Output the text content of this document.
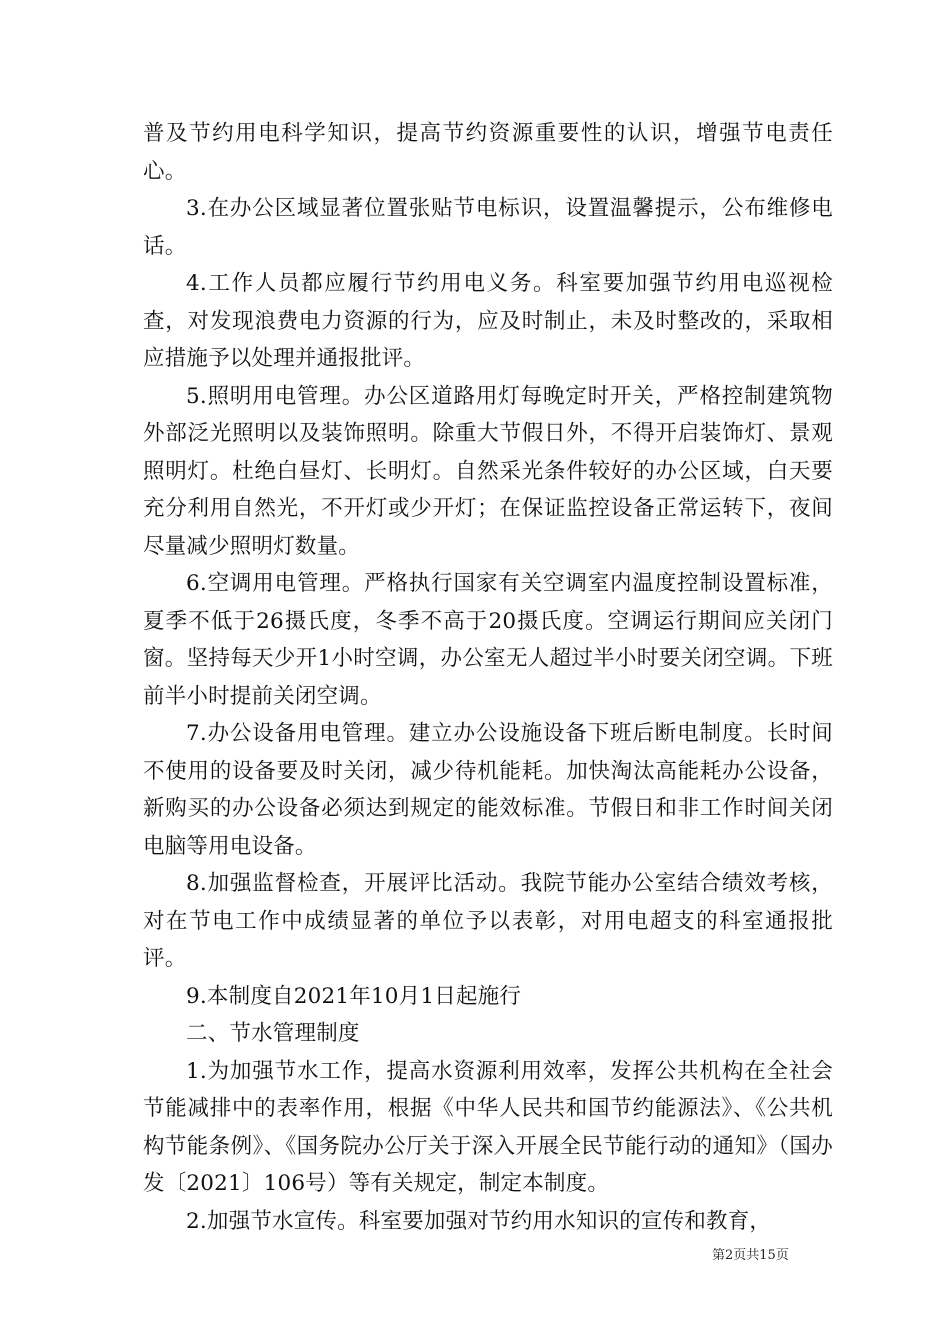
普及节约用电科学知识，提高节约资源重要性的认识，增强节电责任心。

3.在办公区域显著位置张贴节电标识，设置温馨提示，公布维修电话。

4.工作人员都应履行节约用电义务。科室要加强节约用电巡视检查，对发现浪费电力资源的行为，应及时制止，未及时整改的，采取相应措施予以处理并通报批评。

5.照明用电管理。办公区道路用灯每晚定时开关，严格控制建筑物外部泛光照明以及装饰照明。除重大节假日外，不得开启装饰灯、景观照明灯。杜绝白昼灯、长明灯。自然采光条件较好的办公区域，白天要充分利用自然光，不开灯或少开灯；在保证监控设备正常运转下，夜间尽量减少照明灯数量。

6.空调用电管理。严格执行国家有关空调室内温度控制设置标准，夏季不低于26摄氏度，冬季不高于20摄氏度。空调运行期间应关闭门窗。坚持每天少开1小时空调，办公室无人超过半小时要关闭空调。下班前半小时提前关闭空调。

7.办公设备用电管理。建立办公设施设备下班后断电制度。长时间不使用的设备要及时关闭，减少待机能耗。加快淘汰高能耗办公设备，新购买的办公设备必须达到规定的能效标准。节假日和非工作时间关闭电脑等用电设备。

8.加强监督检查，开展评比活动。我院节能办公室结合绩效考核，对在节电工作中成绩显著的单位予以表彰，对用电超支的科室通报批评。

9.本制度自2021年10月1日起施行

二、节水管理制度

1.为加强节水工作，提高水资源利用效率，发挥公共机构在全社会节能减排中的表率作用，根据《中华人民共和国节约能源法》、《公共机构节能条例》、《国务院办公厅关于深入开展全民节能行动的通知》（国办发〔2021〕106号）等有关规定，制定本制度。

2.加强节水宣传。科室要加强对节约用水知识的宣传和教育，

第2页共15页
